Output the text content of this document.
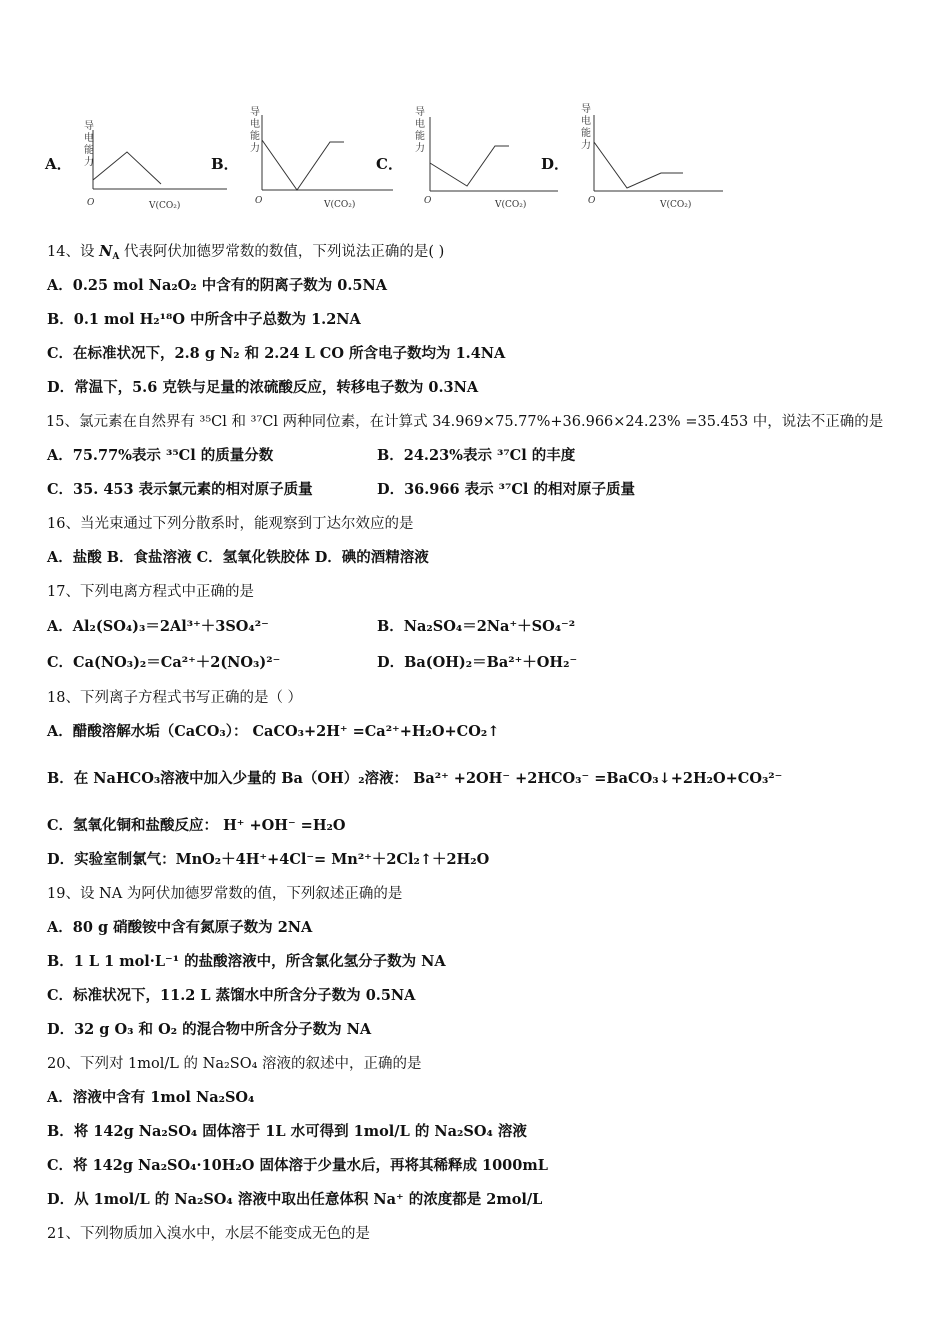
A．
导
电
能
力
O	V(CO₂)
B．
导
电
能
力
O	V(CO₂)
C．
导
电
能
力
O	V(CO₂)
D．
导
电
能
力
O	V(CO₂)
14、设 $N_A$ 代表阿伏加德罗常数的数值，下列说法正确的是( )
A．0.25 mol Na₂O₂ 中含有的阴离子数为 0.5NA
B．0.1 mol H₂¹⁸O 中所含中子总数为 1.2NA
C．在标准状况下，2.8 g N₂ 和 2.24 L CO 所含电子数均为 1.4NA
D．常温下，5.6 克铁与足量的浓硫酸反应，转移电子数为 0.3NA
15、氯元素在自然界有 ³⁵Cl 和 ³⁷Cl 两种同位素，在计算式 34.969×75.77%+36.966×24.23% =35.453 中，说法不正确的是
A．75.77%表示 ³⁵Cl 的质量分数	B．24.23%表示 ³⁷Cl 的丰度
C．35. 453 表示氯元素的相对原子质量	D．36.966 表示 ³⁷Cl 的相对原子质量
16、当光束通过下列分散系时，能观察到丁达尔效应的是
A．盐酸 B．食盐溶液 C．氢氧化铁胶体 D．碘的酒精溶液
17、下列电离方程式中正确的是
A．Al₂(SO₄)₃＝2Al³⁺＋3SO₄²⁻	B．Na₂SO₄＝2Na⁺＋SO₄⁻²
C．Ca(NO₃)₂＝Ca²⁺＋2(NO₃)²⁻	D．Ba(OH)₂＝Ba²⁺＋OH₂⁻
18、下列离子方程式书写正确的是（ ）
A．醋酸溶解水垢（CaCO₃）： CaCO₃+2H⁺ =Ca²⁺+H₂O+CO₂↑
B．在 NaHCO₃溶液中加入少量的 Ba（OH）₂溶液： Ba²⁺ +2OH⁻ +2HCO₃⁻ =BaCO₃↓+2H₂O+CO₃²⁻
C．氢氧化铜和盐酸反应： H⁺ +OH⁻ =H₂O
D．实验室制氯气：MnO₂＋4H⁺+4Cl⁻= Mn²⁺＋2Cl₂↑＋2H₂O
19、设 NA 为阿伏加德罗常数的值，下列叙述正确的是
A．80 g 硝酸铵中含有氮原子数为 2NA
B．1 L 1 mol·L⁻¹ 的盐酸溶液中，所含氯化氢分子数为 NA
C．标准状况下，11.2 L 蒸馏水中所含分子数为 0.5NA
D．32 g O₃ 和 O₂ 的混合物中所含分子数为 NA
20、下列对 1mol/L 的 Na₂SO₄ 溶液的叙述中，正确的是
A．溶液中含有 1mol Na₂SO₄
B．将 142g Na₂SO₄ 固体溶于 1L 水可得到 1mol/L 的 Na₂SO₄ 溶液
C．将 142g Na₂SO₄·10H₂O 固体溶于少量水后，再将其稀释成 1000mL
D．从 1mol/L 的 Na₂SO₄ 溶液中取出任意体积 Na⁺ 的浓度都是 2mol/L
21、下列物质加入溴水中，水层不能变成无色的是
